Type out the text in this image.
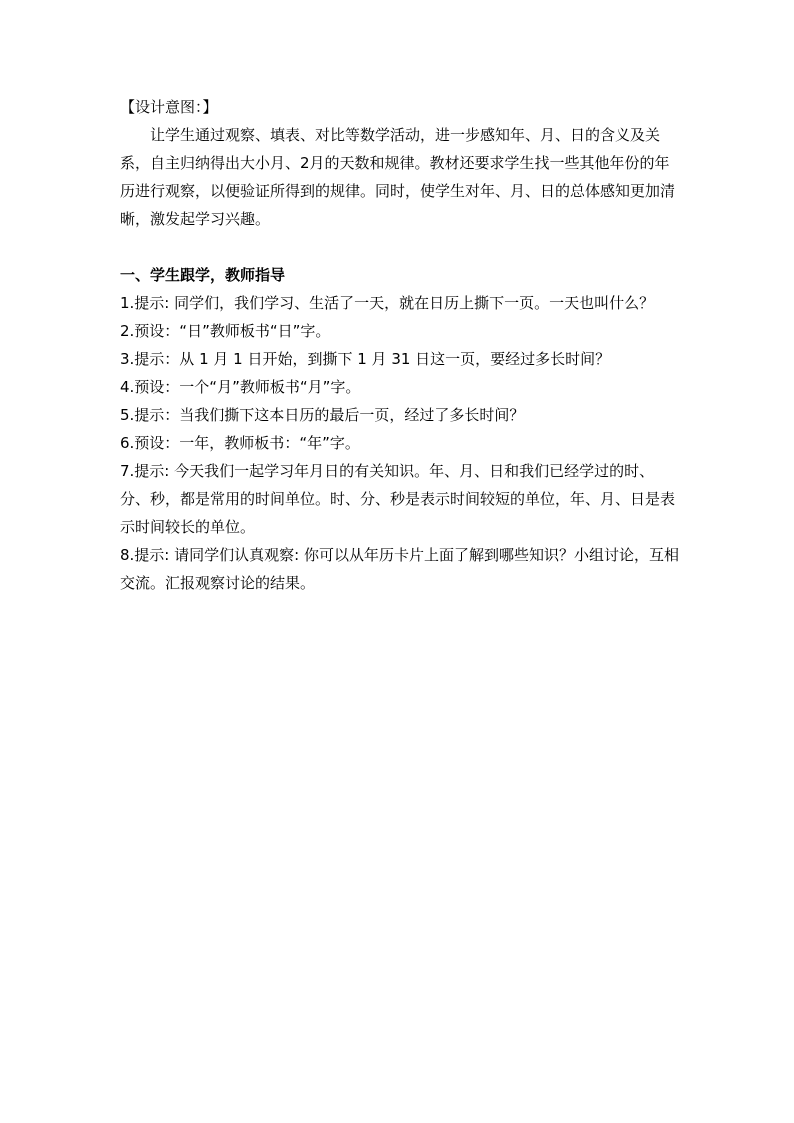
【设计意图：】

让学生通过观察、填表、对比等数学活动，进一步感知年、月、日的含义及关系，自主归纳得出大小月、2月的天数和规律。教材还要求学生找一些其他年份的年历进行观察，以便验证所得到的规律。同时，使学生对年、月、日的总体感知更加清晰，激发起学习兴趣。

一、学生跟学，教师指导

1.提示: 同学们，我们学习、生活了一天，就在日历上撕下一页。一天也叫什么？

2.预设：“日”教师板书“日”字。

3.提示：从 1 月 1 日开始，到撕下 1 月 31 日这一页，要经过多长时间？

4.预设：一个“月”教师板书“月”字。

5.提示：当我们撕下这本日历的最后一页，经过了多长时间？

6.预设：一年，教师板书：“年”字。

7.提示: 今天我们一起学习年月日的有关知识。年、月、日和我们已经学过的时、分、秒，都是常用的时间单位。时、分、秒是表示时间较短的单位，年、月、日是表示时间较长的单位。

8.提示: 请同学们认真观察: 你可以从年历卡片上面了解到哪些知识？小组讨论，互相交流。汇报观察讨论的结果。
